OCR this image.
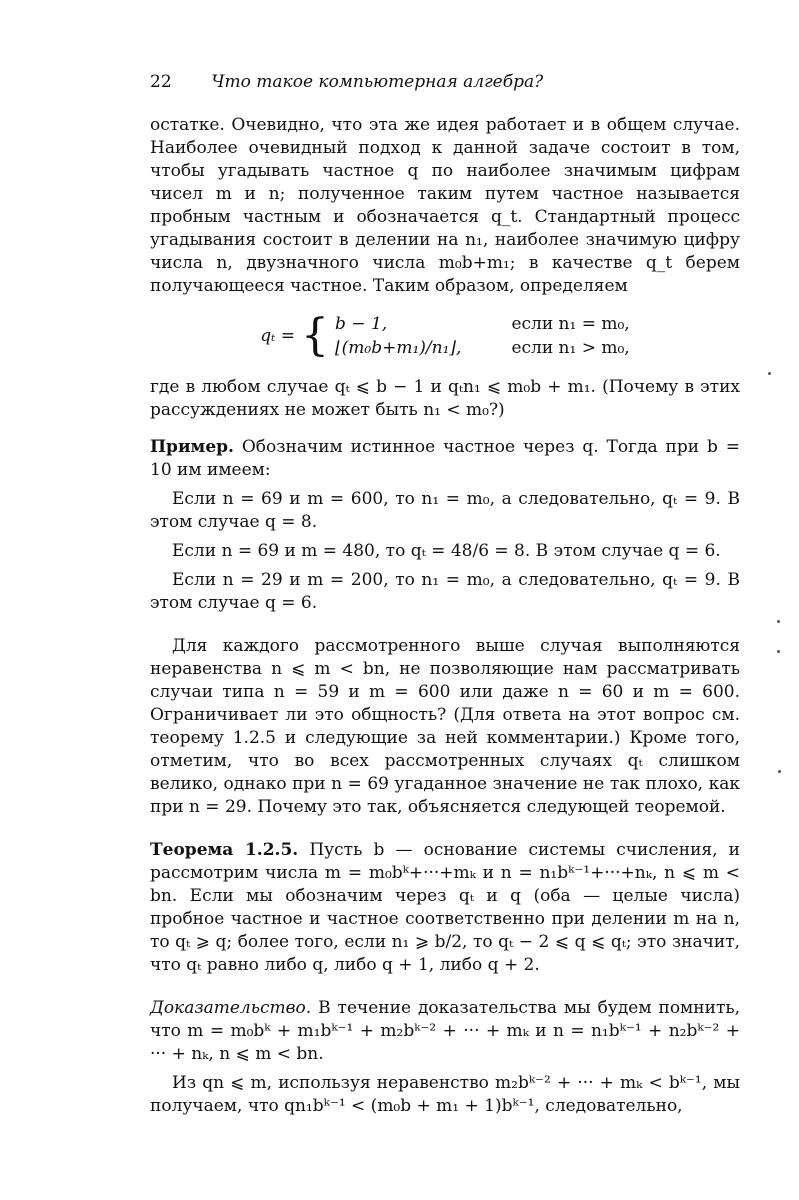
22 Что такое компьютерная алгебра?

остатке. Очевидно, что эта же идея работает и в общем случае. Наиболее очевидный подход к данной задаче состоит в том, чтобы угадывать частное q по наиболее значимым цифрам чисел m и n; полученное таким путем частное называется пробным частным и обозначается q_t. Стандартный процесс угадывания состоит в делении на n₁, наиболее значимую цифру числа n, двузначного числа m₀b+m₁; в качестве q_t берем получающееся частное. Таким образом, определяем

qₜ =	{	b − 1,	если n₁ = m₀,
		⌊(m₀b+m₁)/n₁⌋,	если n₁ > m₀,

где в любом случае qₜ ⩽ b − 1 и qₜn₁ ⩽ m₀b + m₁. (Почему в этих рассуждениях не может быть n₁ < m₀?)

Пример. Обозначим истинное частное через q. Тогда при b = 10 им имеем:

Если n = 69 и m = 600, то n₁ = m₀, а следовательно, qₜ = 9. В этом случае q = 8.

Если n = 69 и m = 480, то qₜ = 48/6 = 8. В этом случае q = 6.

Если n = 29 и m = 200, то n₁ = m₀, а следовательно, qₜ = 9. В этом случае q = 6.

Для каждого рассмотренного выше случая выполняются неравенства n ⩽ m < bn, не позволяющие нам рассматривать случаи типа n = 59 и m = 600 или даже n = 60 и m = 600. Ограничивает ли это общность? (Для ответа на этот вопрос см. теорему 1.2.5 и следующие за ней комментарии.) Кроме того, отметим, что во всех рассмотренных случаях qₜ слишком велико, однако при n = 69 угаданное значение не так плохо, как при n = 29. Почему это так, объясняется следующей теоремой.

Теорема 1.2.5. Пусть b — основание системы счисления, и рассмотрим числа m = m₀bᵏ+···+mₖ и n = n₁bᵏ⁻¹+···+nₖ, n ⩽ m < bn. Если мы обозначим через qₜ и q (оба — целые числа) пробное частное и частное соответственно при делении m на n, то qₜ ⩾ q; более того, если n₁ ⩾ b/2, то qₜ − 2 ⩽ q ⩽ qₜ; это значит, что qₜ равно либо q, либо q + 1, либо q + 2.

Доказательство. В течение доказательства мы будем помнить, что m = m₀bᵏ + m₁bᵏ⁻¹ + m₂bᵏ⁻² + ··· + mₖ и n = n₁bᵏ⁻¹ + n₂bᵏ⁻² + ··· + nₖ, n ⩽ m < bn.

Из qn ⩽ m, используя неравенство m₂bᵏ⁻² + ··· + mₖ < bᵏ⁻¹, мы получаем, что qn₁bᵏ⁻¹ < (m₀b + m₁ + 1)bᵏ⁻¹, следовательно,
